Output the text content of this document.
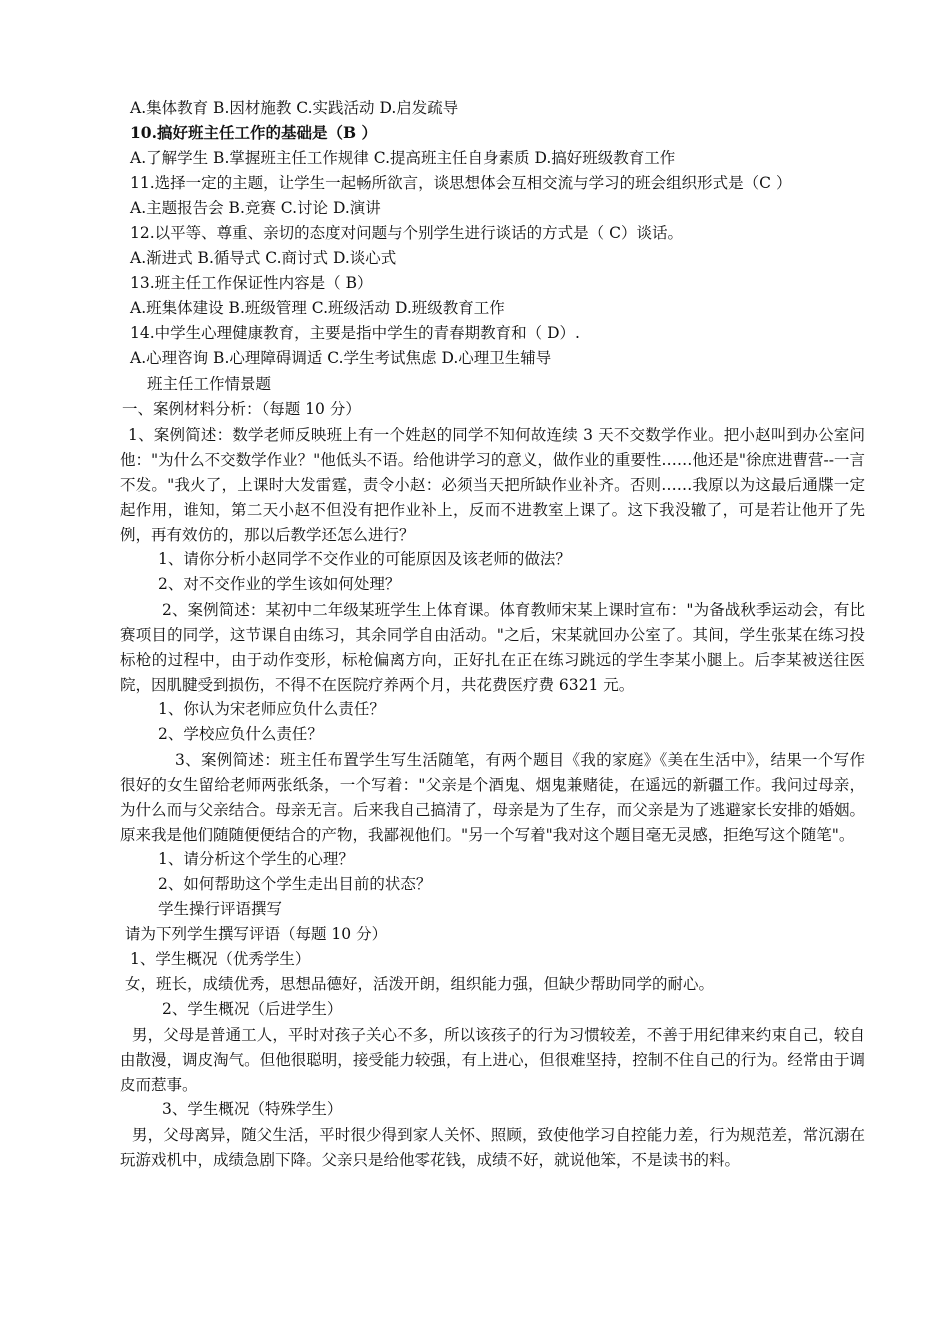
A.集体教育 B.因材施教 C.实践活动 D.启发疏导
10.搞好班主任工作的基础是（B ）
A.了解学生 B.掌握班主任工作规律 C.提高班主任自身素质 D.搞好班级教育工作
11.选择一定的主题，让学生一起畅所欲言，谈思想体会互相交流与学习的班会组织形式是（C ）
A.主题报告会 B.竞赛 C.讨论 D.演讲
12.以平等、尊重、亲切的态度对问题与个别学生进行谈话的方式是（ C）谈话。
A.渐进式 B.循导式 C.商讨式 D.谈心式
13.班主任工作保证性内容是（ B）
A.班集体建设 B.班级管理 C.班级活动 D.班级教育工作
14.中学生心理健康教育，主要是指中学生的青春期教育和（ D）.
A.心理咨询 B.心理障碍调适 C.学生考试焦虑 D.心理卫生辅导
班主任工作情景题
一、案例材料分析：（每题 10 分）
1、案例简述：数学老师反映班上有一个姓赵的同学不知何故连续 3 天不交数学作业。把小赵叫到办公室问他："为什么不交数学作业？"他低头不语。给他讲学习的意义，做作业的重要性……他还是"徐庶进曹营--一言不发。"我火了，上课时大发雷霆，责令小赵：必须当天把所缺作业补齐。否则……我原以为这最后通牒一定起作用，谁知，第二天小赵不但没有把作业补上，反而不进教室上课了。这下我没辙了，可是若让他开了先例，再有效仿的，那以后教学还怎么进行？
1、请你分析小赵同学不交作业的可能原因及该老师的做法？
2、对不交作业的学生该如何处理？
2、案例简述：某初中二年级某班学生上体育课。体育教师宋某上课时宣布："为备战秋季运动会，有比赛项目的同学，这节课自由练习，其余同学自由活动。"之后，宋某就回办公室了。其间，学生张某在练习投标枪的过程中，由于动作变形，标枪偏离方向，正好扎在正在练习跳远的学生李某小腿上。后李某被送往医院，因肌腱受到损伤，不得不在医院疗养两个月，共花费医疗费 6321 元。
1、你认为宋老师应负什么责任？
2、学校应负什么责任？
3、案例简述：班主任布置学生写生活随笔，有两个题目《我的家庭》《美在生活中》，结果一个写作很好的女生留给老师两张纸条，一个写着："父亲是个酒鬼、烟鬼兼赌徒，在遥远的新疆工作。我问过母亲，为什么而与父亲结合。母亲无言。后来我自己搞清了，母亲是为了生存，而父亲是为了逃避家长安排的婚姻。原来我是他们随随便便结合的产物，我鄙视他们。"另一个写着"我对这个题目毫无灵感，拒绝写这个随笔"。
1、请分析这个学生的心理？
2、如何帮助这个学生走出目前的状态？
学生操行评语撰写
请为下列学生撰写评语（每题 10 分）
1、学生概况（优秀学生）
女，班长，成绩优秀，思想品德好，活泼开朗，组织能力强，但缺少帮助同学的耐心。
2、学生概况（后进学生）
男，父母是普通工人，平时对孩子关心不多，所以该孩子的行为习惯较差，不善于用纪律来约束自己，较自由散漫，调皮淘气。但他很聪明，接受能力较强，有上进心，但很难坚持，控制不住自己的行为。经常由于调皮而惹事。
3、学生概况（特殊学生）
男，父母离异，随父生活，平时很少得到家人关怀、照顾，致使他学习自控能力差，行为规范差，常沉溺在玩游戏机中，成绩急剧下降。父亲只是给他零花钱，成绩不好，就说他笨，不是读书的料。
